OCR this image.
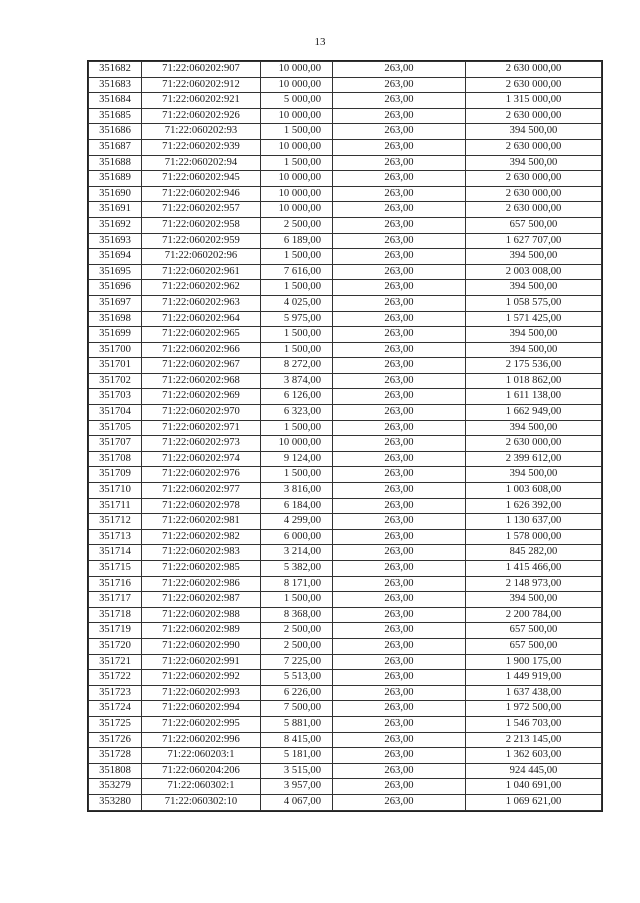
13
351682	71:22:060202:907	10 000,00	263,00	2 630 000,00
351683	71:22:060202:912	10 000,00	263,00	2 630 000,00
351684	71:22:060202:921	5 000,00	263,00	1 315 000,00
351685	71:22:060202:926	10 000,00	263,00	2 630 000,00
351686	71:22:060202:93	1 500,00	263,00	394 500,00
351687	71:22:060202:939	10 000,00	263,00	2 630 000,00
351688	71:22:060202:94	1 500,00	263,00	394 500,00
351689	71:22:060202:945	10 000,00	263,00	2 630 000,00
351690	71:22:060202:946	10 000,00	263,00	2 630 000,00
351691	71:22:060202:957	10 000,00	263,00	2 630 000,00
351692	71:22:060202:958	2 500,00	263,00	657 500,00
351693	71:22:060202:959	6 189,00	263,00	1 627 707,00
351694	71:22:060202:96	1 500,00	263,00	394 500,00
351695	71:22:060202:961	7 616,00	263,00	2 003 008,00
351696	71:22:060202:962	1 500,00	263,00	394 500,00
351697	71:22:060202:963	4 025,00	263,00	1 058 575,00
351698	71:22:060202:964	5 975,00	263,00	1 571 425,00
351699	71:22:060202:965	1 500,00	263,00	394 500,00
351700	71:22:060202:966	1 500,00	263,00	394 500,00
351701	71:22:060202:967	8 272,00	263,00	2 175 536,00
351702	71:22:060202:968	3 874,00	263,00	1 018 862,00
351703	71:22:060202:969	6 126,00	263,00	1 611 138,00
351704	71:22:060202:970	6 323,00	263,00	1 662 949,00
351705	71:22:060202:971	1 500,00	263,00	394 500,00
351707	71:22:060202:973	10 000,00	263,00	2 630 000,00
351708	71:22:060202:974	9 124,00	263,00	2 399 612,00
351709	71:22:060202:976	1 500,00	263,00	394 500,00
351710	71:22:060202:977	3 816,00	263,00	1 003 608,00
351711	71:22:060202:978	6 184,00	263,00	1 626 392,00
351712	71:22:060202:981	4 299,00	263,00	1 130 637,00
351713	71:22:060202:982	6 000,00	263,00	1 578 000,00
351714	71:22:060202:983	3 214,00	263,00	845 282,00
351715	71:22:060202:985	5 382,00	263,00	1 415 466,00
351716	71:22:060202:986	8 171,00	263,00	2 148 973,00
351717	71:22:060202:987	1 500,00	263,00	394 500,00
351718	71:22:060202:988	8 368,00	263,00	2 200 784,00
351719	71:22:060202:989	2 500,00	263,00	657 500,00
351720	71:22:060202:990	2 500,00	263,00	657 500,00
351721	71:22:060202:991	7 225,00	263,00	1 900 175,00
351722	71:22:060202:992	5 513,00	263,00	1 449 919,00
351723	71:22:060202:993	6 226,00	263,00	1 637 438,00
351724	71:22:060202:994	7 500,00	263,00	1 972 500,00
351725	71:22:060202:995	5 881,00	263,00	1 546 703,00
351726	71:22:060202:996	8 415,00	263,00	2 213 145,00
351728	71:22:060203:1	5 181,00	263,00	1 362 603,00
351808	71:22:060204:206	3 515,00	263,00	924 445,00
353279	71:22:060302:1	3 957,00	263,00	1 040 691,00
353280	71:22:060302:10	4 067,00	263,00	1 069 621,00
